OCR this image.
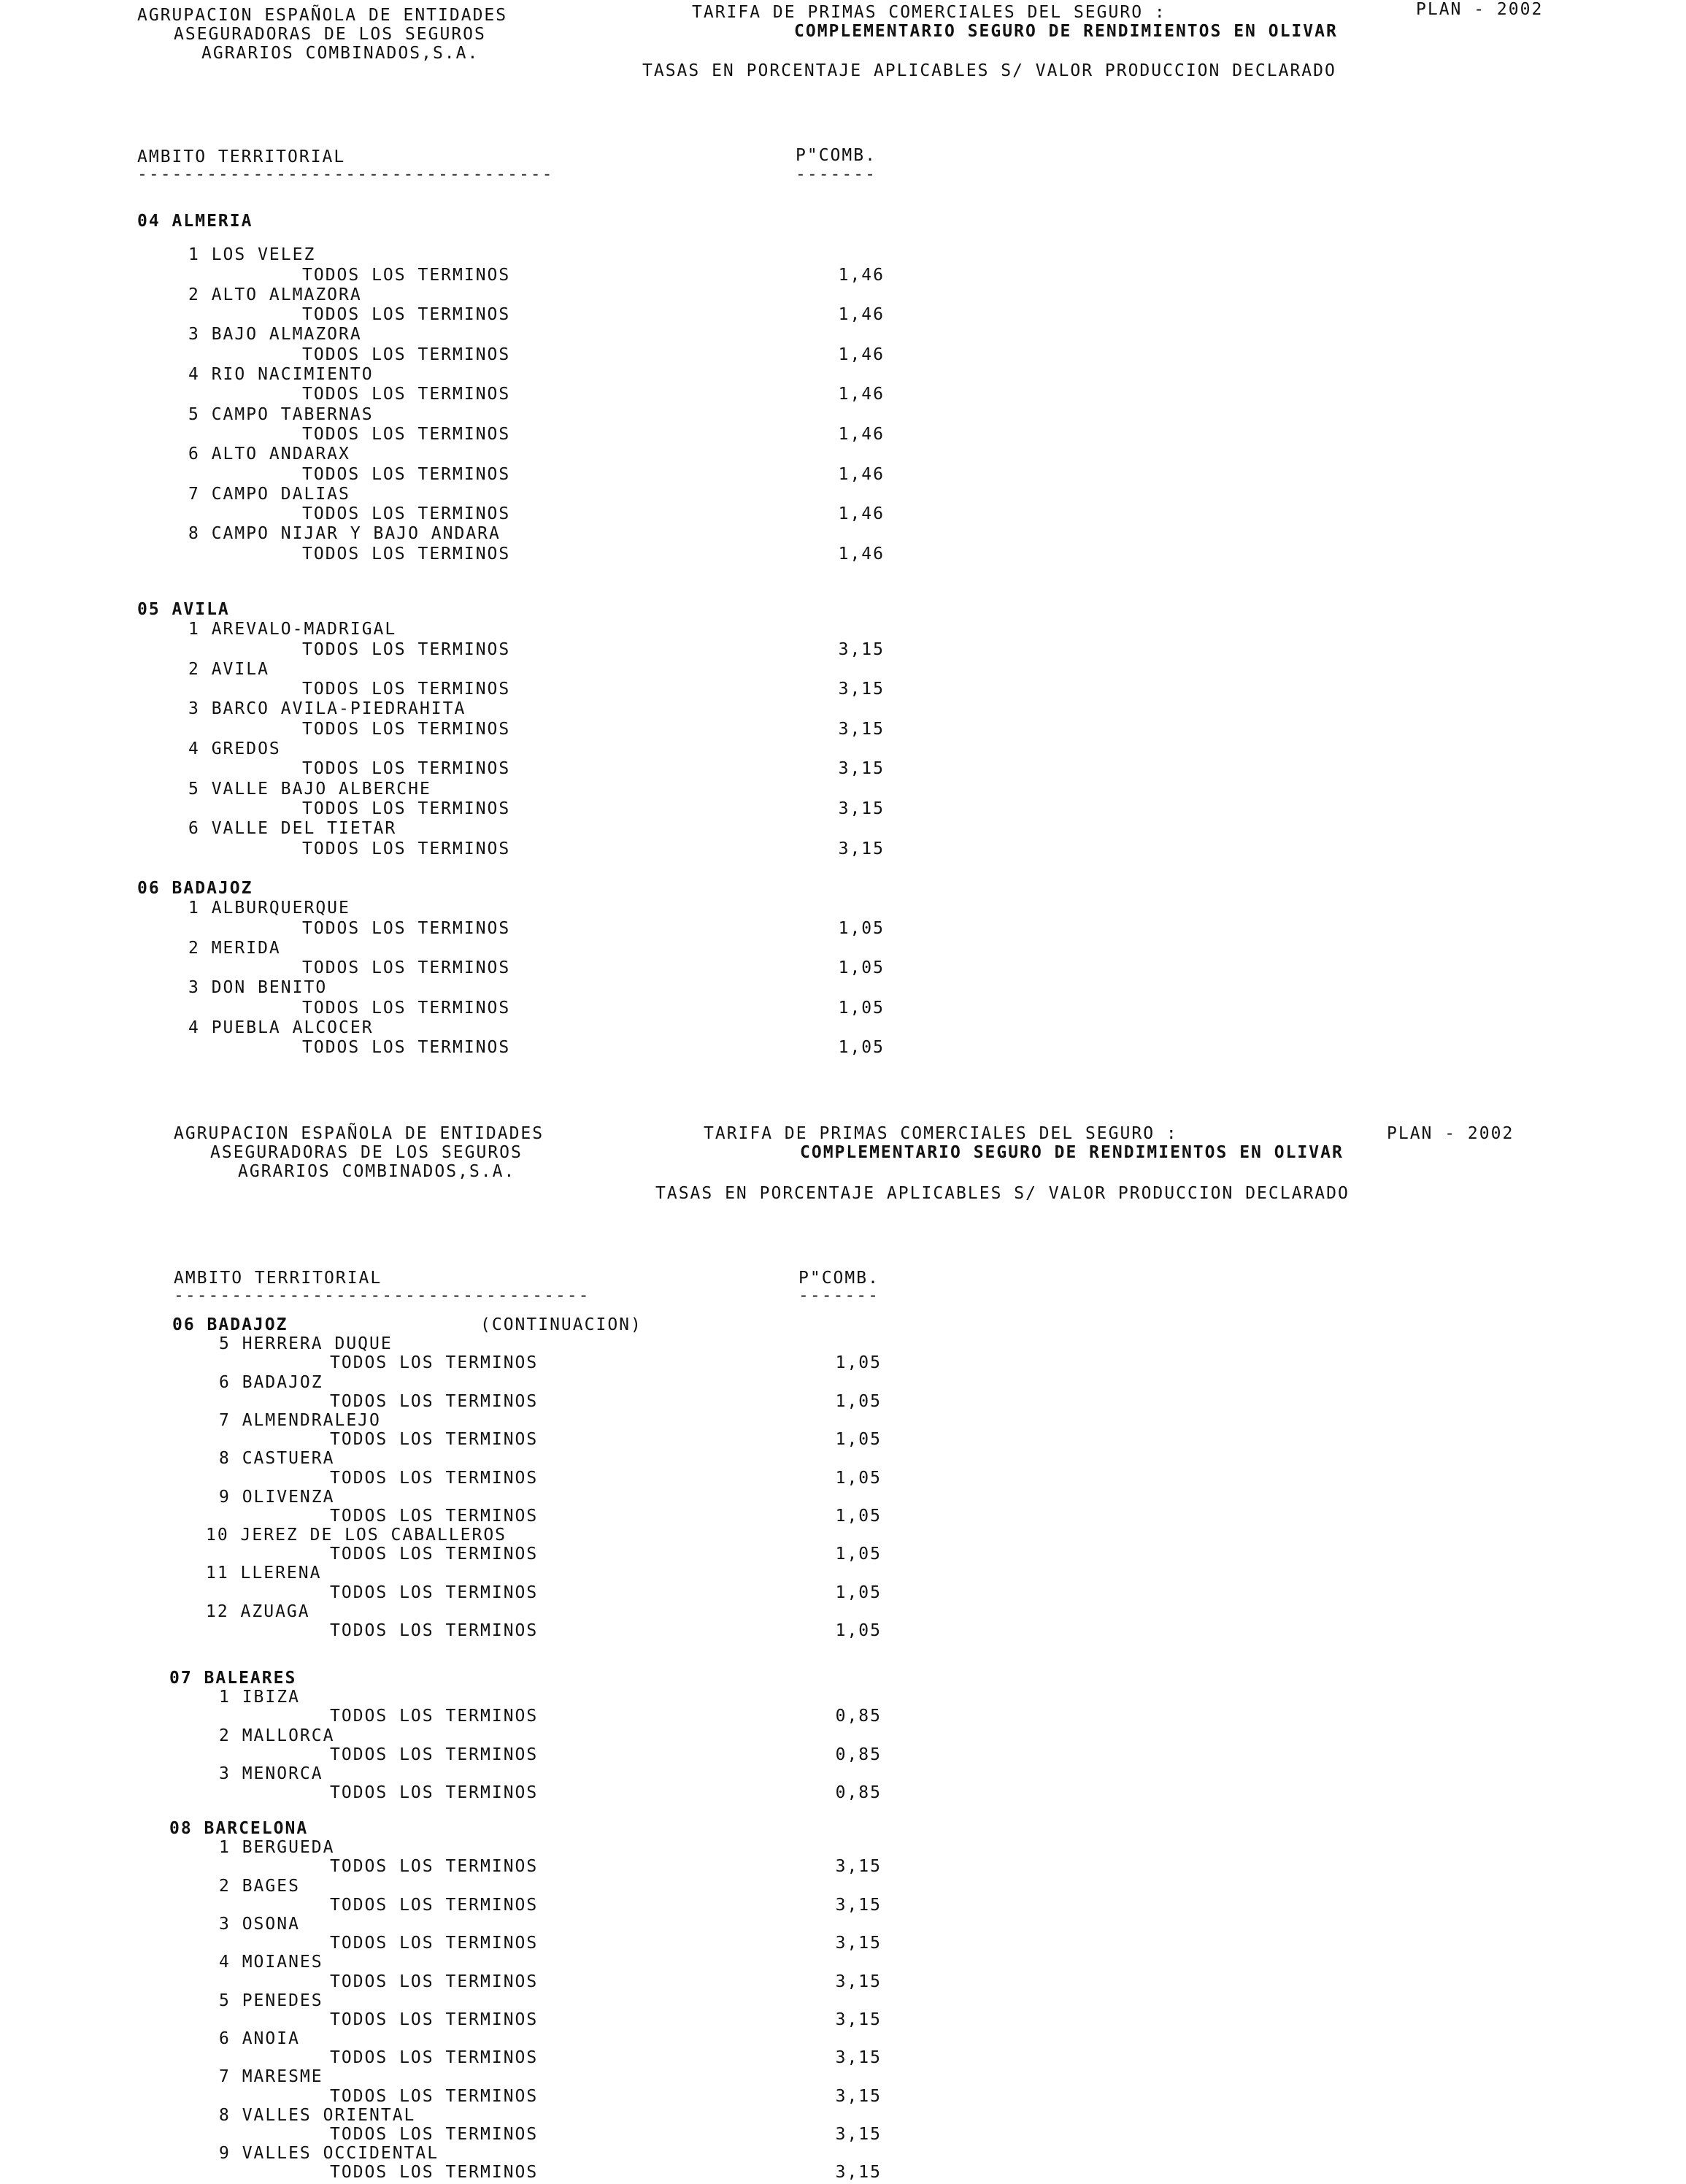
AGRUPACION ESPAÑOLA DE ENTIDADES
ASEGURADORAS DE LOS SEGUROS
AGRARIOS COMBINADOS,S.A.
TARIFA DE PRIMAS COMERCIALES DEL SEGURO :	PLAN - 2002
COMPLEMENTARIO SEGURO DE RENDIMIENTOS EN OLIVAR
TASAS EN PORCENTAJE APLICABLES S/ VALOR PRODUCCION DECLARADO
AMBITO TERRITORIAL	P"COMB.
------------------------------------	-------
04 ALMERIA
1 LOS VELEZ
TODOS LOS TERMINOS	1,46
2 ALTO ALMAZORA
TODOS LOS TERMINOS	1,46
3 BAJO ALMAZORA
TODOS LOS TERMINOS	1,46
4 RIO NACIMIENTO
TODOS LOS TERMINOS	1,46
5 CAMPO TABERNAS
TODOS LOS TERMINOS	1,46
6 ALTO ANDARAX
TODOS LOS TERMINOS	1,46
7 CAMPO DALIAS
TODOS LOS TERMINOS	1,46
8 CAMPO NIJAR Y BAJO ANDARA
TODOS LOS TERMINOS	1,46
05 AVILA
1 AREVALO-MADRIGAL
TODOS LOS TERMINOS	3,15
2 AVILA
TODOS LOS TERMINOS	3,15
3 BARCO AVILA-PIEDRAHITA
TODOS LOS TERMINOS	3,15
4 GREDOS
TODOS LOS TERMINOS	3,15
5 VALLE BAJO ALBERCHE
TODOS LOS TERMINOS	3,15
6 VALLE DEL TIETAR
TODOS LOS TERMINOS	3,15
06 BADAJOZ
1 ALBURQUERQUE
TODOS LOS TERMINOS	1,05
2 MERIDA
TODOS LOS TERMINOS	1,05
3 DON BENITO
TODOS LOS TERMINOS	1,05
4 PUEBLA ALCOCER
TODOS LOS TERMINOS	1,05
AGRUPACION ESPAÑOLA DE ENTIDADES
ASEGURADORAS DE LOS SEGUROS
AGRARIOS COMBINADOS,S.A.
TARIFA DE PRIMAS COMERCIALES DEL SEGURO :	PLAN - 2002
COMPLEMENTARIO SEGURO DE RENDIMIENTOS EN OLIVAR
TASAS EN PORCENTAJE APLICABLES S/ VALOR PRODUCCION DECLARADO
AMBITO TERRITORIAL	P"COMB.
------------------------------------	-------
06 BADAJOZ	(CONTINUACION)
5 HERRERA DUQUE
TODOS LOS TERMINOS	1,05
6 BADAJOZ
TODOS LOS TERMINOS	1,05
7 ALMENDRALEJO
TODOS LOS TERMINOS	1,05
8 CASTUERA
TODOS LOS TERMINOS	1,05
9 OLIVENZA
TODOS LOS TERMINOS	1,05
10 JEREZ DE LOS CABALLEROS
TODOS LOS TERMINOS	1,05
11 LLERENA
TODOS LOS TERMINOS	1,05
12 AZUAGA
TODOS LOS TERMINOS	1,05
07 BALEARES
1 IBIZA
TODOS LOS TERMINOS	0,85
2 MALLORCA
TODOS LOS TERMINOS	0,85
3 MENORCA
TODOS LOS TERMINOS	0,85
08 BARCELONA
1 BERGUEDA
TODOS LOS TERMINOS	3,15
2 BAGES
TODOS LOS TERMINOS	3,15
3 OSONA
TODOS LOS TERMINOS	3,15
4 MOIANES
TODOS LOS TERMINOS	3,15
5 PENEDES
TODOS LOS TERMINOS	3,15
6 ANOIA
TODOS LOS TERMINOS	3,15
7 MARESME
TODOS LOS TERMINOS	3,15
8 VALLES ORIENTAL
TODOS LOS TERMINOS	3,15
9 VALLES OCCIDENTAL
TODOS LOS TERMINOS	3,15
